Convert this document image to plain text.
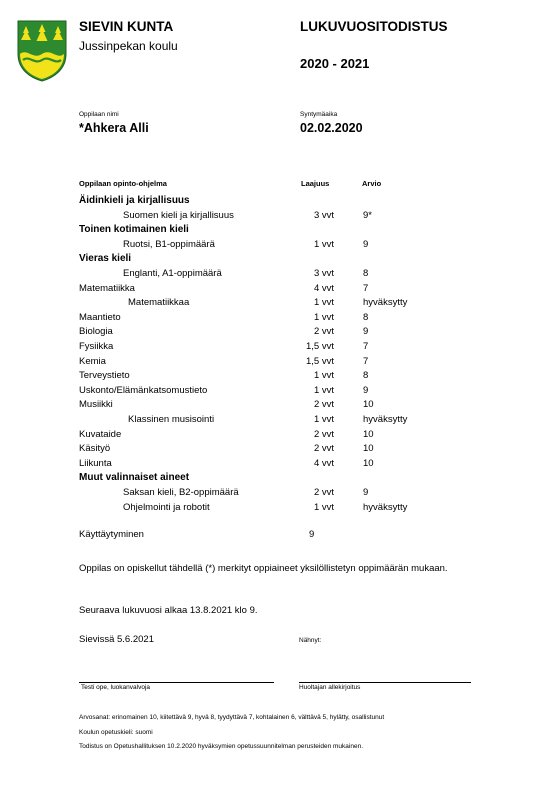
SIEVIN KUNTA
Jussinpekan koulu
LUKUVUOSITODISTUS
2020 - 2021
Oppilaan nimi
*Ahkera Alli
Syntymäaika
02.02.2020
Oppilaan opinto-ohjelma	Laajuus	Arvio
Äidinkieli ja kirjallisuus
Suomen kieli ja kirjallisuus	3 vvt	9*
Toinen kotimainen kieli
Ruotsi, B1-oppimäärä	1 vvt	9
Vieras kieli
Englanti, A1-oppimäärä	3 vvt	8
Matematiikka	4 vvt	7
Matematiikkaa	1 vvt	hyväksytty
Maantieto	1 vvt	8
Biologia	2 vvt	9
Fysiikka	1,5 vvt	7
Kemia	1,5 vvt	7
Terveystieto	1 vvt	8
Uskonto/Elämänkatsomustieto	1 vvt	9
Musiikki	2 vvt	10
Klassinen musisointi	1 vvt	hyväksytty
Kuvataide	2 vvt	10
Käsityö	2 vvt	10
Liikunta	4 vvt	10
Muut valinnaiset aineet
Saksan kieli, B2-oppimäärä	2 vvt	9
Ohjelmointi ja robotit	1 vvt	hyväksytty
Käyttäytyminen	9
Oppilas on opiskellut tähdellä (*) merkityt oppiaineet yksilöllistetyn oppimäärän mukaan.
Seuraava lukuvuosi alkaa 13.8.2021 klo 9.
Sievissä 5.6.2021	Nähnyt:
Testi ope, luokanvalvoja	Huoltajan allekirjoitus
Arvosanat: erinomainen 10, kiitettävä 9, hyvä 8, tyydyttävä 7, kohtalainen 6, välttävä 5, hylätty, osallistunut
Koulun opetuskieli: suomi
Todistus on Opetushallituksen 10.2.2020 hyväksymien opetussuunnitelman perusteiden mukainen.
